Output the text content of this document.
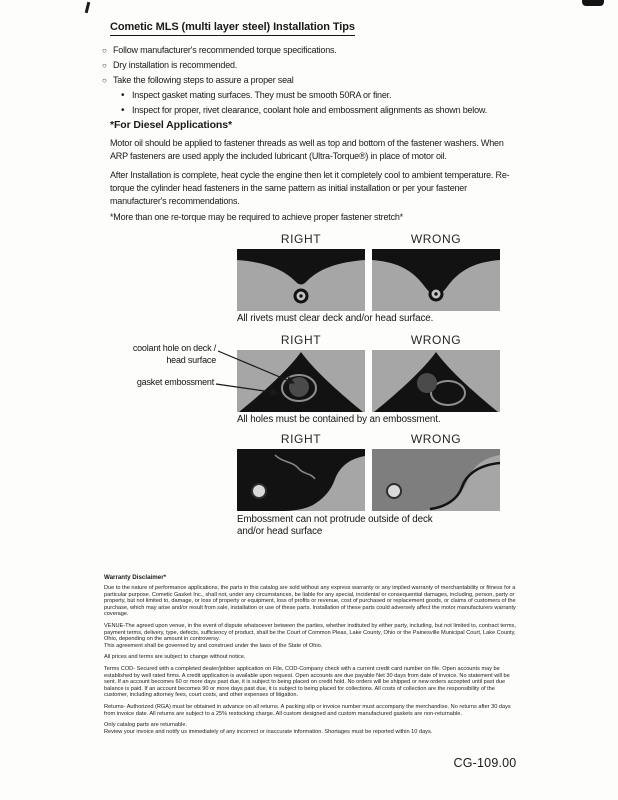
Cometic MLS (multi layer steel) Installation Tips
○ Follow manufacturer's recommended torque specifications.
○ Dry installation is recommended.
○ Take the following steps to assure a proper seal
• Inspect gasket mating surfaces. They must be smooth 50RA or finer.
• Inspect for proper, rivet clearance, coolant hole and embossment alignments as shown below.
*For Diesel Applications*

Motor oil should be applied to fastener threads as well as top and bottom of the fastener washers. When ARP fasteners are used apply the included lubricant (Ultra-Torque®) in place of motor oil.

After Installation is complete, heat cycle the engine then let it completely cool to ambient temperature. Re-torque the cylinder head fasteners in the same pattern as initial installation or per your fastener manufacturer's recommendations.

*More than one re-torque may be required to achieve proper fastener stretch*

RIGHT	WRONG

All rivets must clear deck and/or head surface.

RIGHT	WRONG
coolant hole on deck / head surface
gasket embossment

All holes must be contained by an embossment.

RIGHT	WRONG

Embossment can not protrude outside of deck and/or head surface

Warranty Disclaimer*

Due to the nature of performance applications, the parts in this catalog are sold without any express warranty or any implied warranty of merchantability or fitness for a particular purpose. Cometic Gasket Inc., shall not, under any circumstances, be liable for any special, incidental or consequential damages, including, person, party or property, but not limited to, damage, or loss of property or equipment, loss of profits or revenue, cost of purchased or replacement goods, or claims of customers of the purchase, which may arise and/or result from sale, installation or use of these parts. Installation of these parts could adversely affect the motor manufacturers warranty coverage.

VENUE-The agreed upon venue, in the event of dispute whatsoever between the parties, whether instituted by either party, including, but not limited to, contract terms, payment terms, delivery, type, defects, sufficiency of product, shall be the Court of Common Pleas, Lake County, Ohio or the Painesville Municipal Court, Lake County, Ohio, depending on the amount in controversy.

This agreement shall be governed by and construed under the laws of the State of Ohio.

All prices and terms are subject to change without notice.

Terms COD- Secured with a completed dealer/jobber application on File, COD-Company check with a current credit card number on file. Open accounts may be established by well rated firms. A credit application is available upon request. Open accounts are due payable Net 30 days from date of invoice. No statement will be sent. If an account becomes 60 or more days past due, it is subject to being placed on credit hold. No orders will be shipped or new orders accepted until past due balance is paid. If an account becomes 90 or more days past due, it is subject to being placed for collections. All costs of collection are the responsibility of the customer, including attorney fees, court costs, and other expenses of litigation.

Returns- Authorized (RGA) must be obtained in advance on all returns. A packing slip or invoice number must accompany the merchandise. No returns after 30 days from invoice date. All returns are subject to a 25% restocking charge. All custom designed and custom manufactured gaskets are non-returnable.

Only catalog parts are returnable.

Review your invoice and notify us immediately of any incorrect or inaccurate information. Shortages must be reported within 10 days.

CG-109.00
